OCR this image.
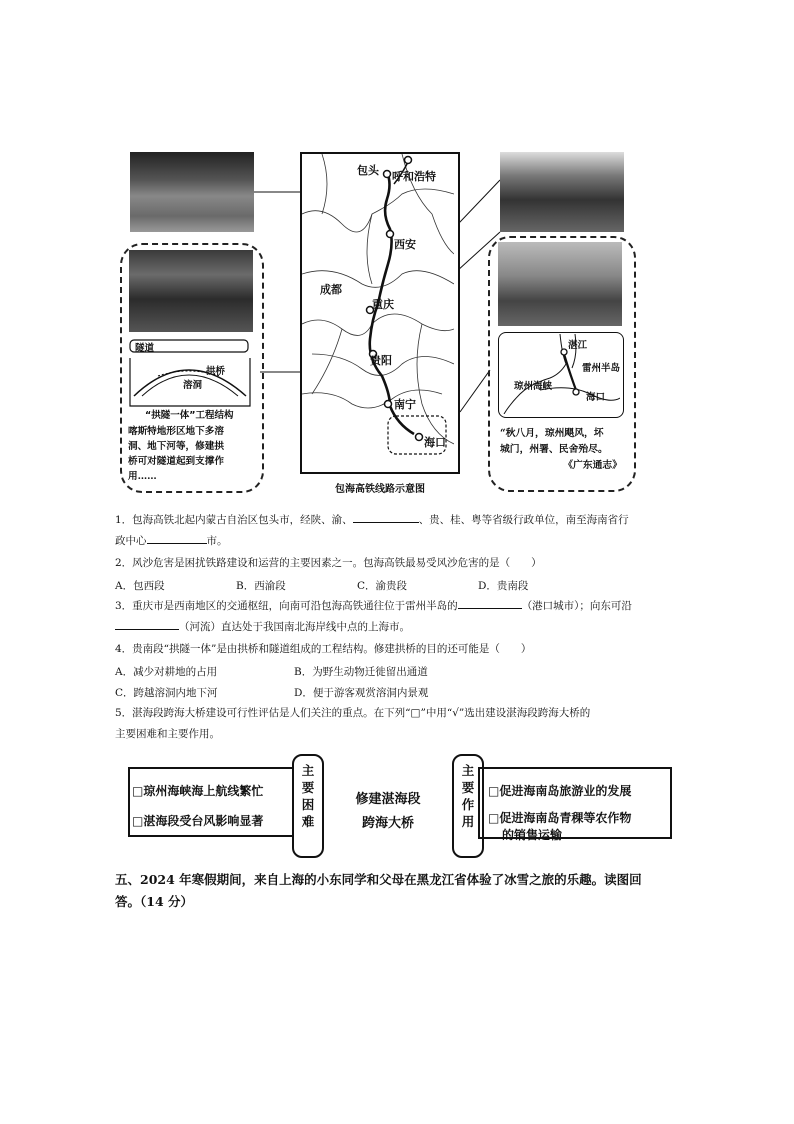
隧道
拱桥
溶洞
“拱隧一体”工程结构
喀斯特地形区地下多溶
洞、地下河等，修建拱
桥可对隧道起到支撑作
用……
包头 呼和浩特
西安
成都
重庆
贵阳
南宁
海口
包海高铁线路示意图
湛江
雷州半岛
琼州海峡
海口
“秋八月，琼州飓风，坏
城门，州署、民舍殆尽。
《广东通志》
1．包海高铁北起内蒙古自治区包头市，经陕、渝、	、贵、桂、粤等省级行政单位，南至海南省行
政中心	市。
2．风沙危害是困扰铁路建设和运营的主要因素之一。包海高铁最易受风沙危害的是（　　）
A．包西段	B．西渝段	C．渝贵段	D．贵南段
3．重庆市是西南地区的交通枢纽，向南可沿包海高铁通往位于雷州半岛的	（港口城市）；向东可沿
（河流）直达处于我国南北海岸线中点的上海市。
4．贵南段“拱隧一体”是由拱桥和隧道组成的工程结构。修建拱桥的目的还可能是（　　）
A．减少对耕地的占用	B．为野生动物迁徙留出通道
C．跨越溶洞内地下河	D．便于游客观赏溶洞内景观
5．湛海段跨海大桥建设可行性评估是人们关注的重点。在下列“□”中用“√”选出建设湛海段跨海大桥的
主要困难和主要作用。
主
要
困
难
□琼州海峡海上航线繁忙
□湛海段受台风影响显著
修建湛海段
跨海大桥
主
要
作
用
□促进海南岛旅游业的发展
□促进海南岛青稞等农作物
的销售运输
五、2024 年寒假期间，来自上海的小东同学和父母在黑龙江省体验了冰雪之旅的乐趣。读图回
答。（14 分）
